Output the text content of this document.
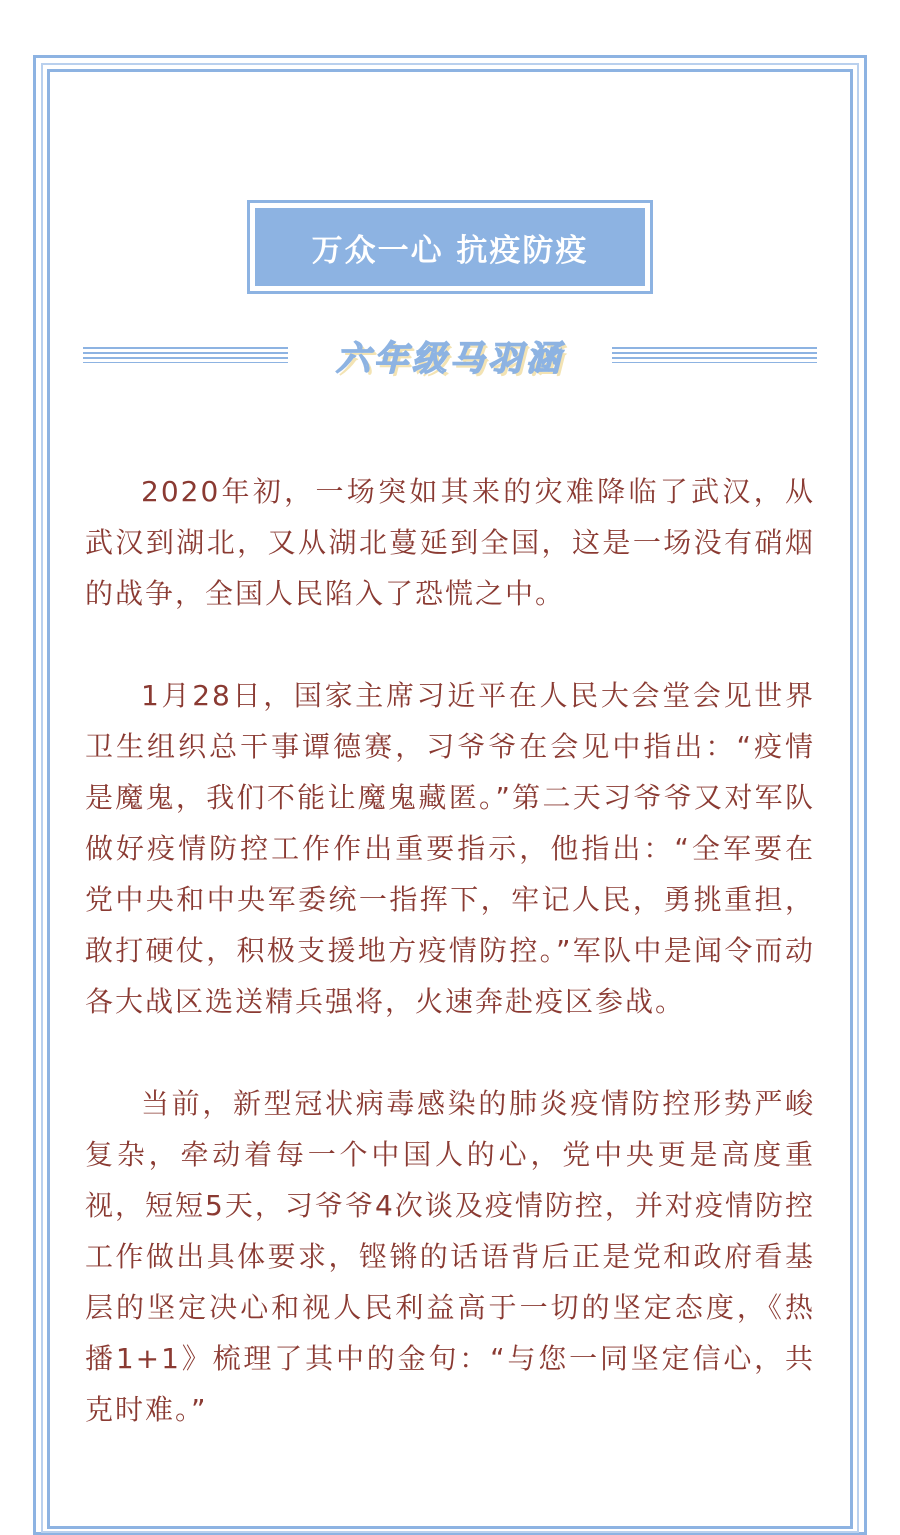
万众一心 抗疫防疫
六年级马羽涵

2020年初，一场突如其来的灾难降临了武汉，从武汉到湖北，又从湖北蔓延到全国，这是一场没有硝烟的战争，全国人民陷入了恐慌之中。

1月28日，国家主席习近平在人民大会堂会见世界卫生组织总干事谭德赛，习爷爷在会见中指出：“疫情是魔鬼，我们不能让魔鬼藏匿。”第二天习爷爷又对军队做好疫情防控工作作出重要指示，他指出：“全军要在党中央和中央军委统一指挥下，牢记人民，勇挑重担，敢打硬仗，积极支援地方疫情防控。”军队中是闻令而动各大战区选送精兵强将，火速奔赴疫区参战。

当前，新型冠状病毒感染的肺炎疫情防控形势严峻复杂，牵动着每一个中国人的心，党中央更是高度重视，短短5天，习爷爷4次谈及疫情防控，并对疫情防控工作做出具体要求，铿锵的话语背后正是党和政府看基层的坚定决心和视人民利益高于一切的坚定态度，《热播1+1》梳理了其中的金句：“与您一同坚定信心，共克时难。”
